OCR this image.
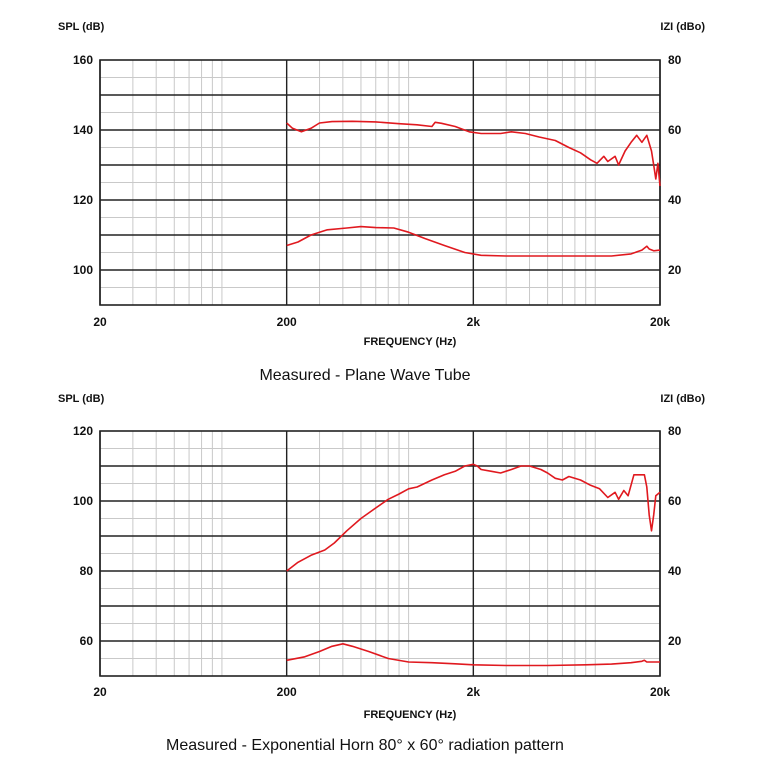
SPL (dB)	IZI (dBo)
100
120
140
160
20
40
60
80
20	200	2k	20k
FREQUENCY (Hz)
Measured - Plane Wave Tube
SPL (dB)	IZI (dBo)
60
80
100
120
20
40
60
80
20	200	2k	20k
FREQUENCY (Hz)
Measured - Exponential Horn 80° x 60° radiation pattern
